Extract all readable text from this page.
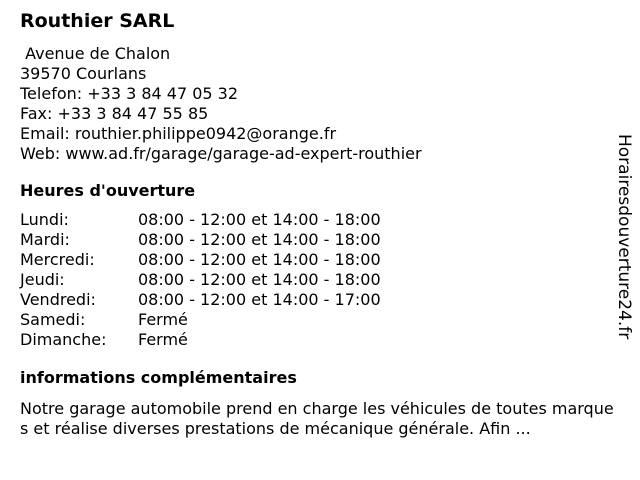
Routhier SARL
Avenue de Chalon
39570 Courlans
Telefon: +33 3 84 47 05 32
Fax: +33 3 84 47 55 85
Email: routhier.philippe0942@orange.fr
Web: www.ad.fr/garage/garage-ad-expert-routhier
Heures d'ouverture
Lundi:	08:00 - 12:00 et 14:00 - 18:00
Mardi:	08:00 - 12:00 et 14:00 - 18:00
Mercredi:	08:00 - 12:00 et 14:00 - 18:00
Jeudi:	08:00 - 12:00 et 14:00 - 18:00
Vendredi:	08:00 - 12:00 et 14:00 - 17:00
Samedi:	Fermé
Dimanche:	Fermé
informations complémentaires
Notre garage automobile prend en charge les véhicules de toutes marques et réalise diverses prestations de mécanique générale. Afin ...
Horairesdouverture24.fr
